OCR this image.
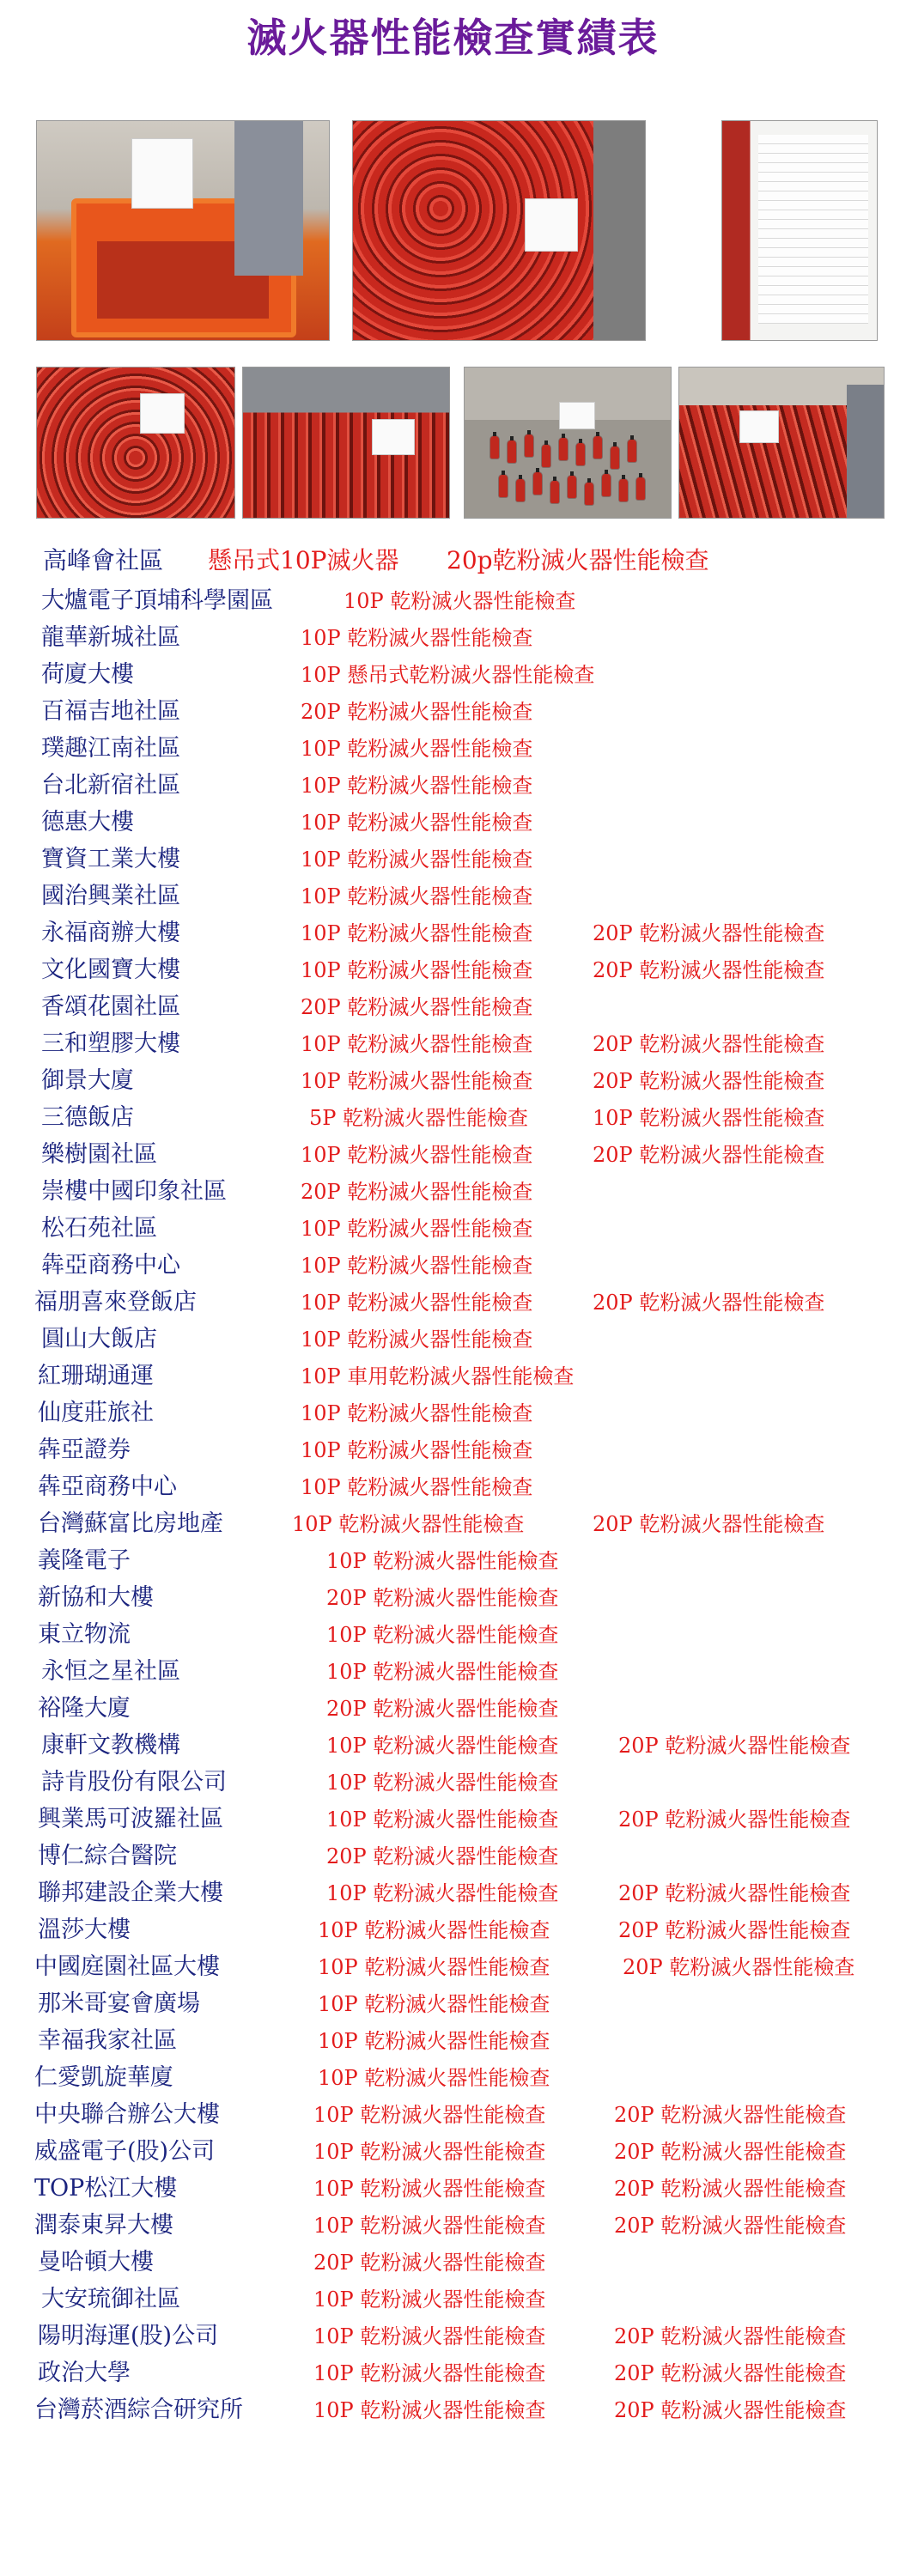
滅火器性能檢查實績表
高峰會社區 懸吊式10P滅火器 20p乾粉滅火器性能檢查
大爐電子頂埔科學園區	10P 乾粉滅火器性能檢查
龍華新城社區	10P 乾粉滅火器性能檢查
荷廈大樓	10P 懸吊式乾粉滅火器性能檢查
百福吉地社區	20P 乾粉滅火器性能檢查
璞趣江南社區	10P 乾粉滅火器性能檢查
台北新宿社區	10P 乾粉滅火器性能檢查
德惠大樓	10P 乾粉滅火器性能檢查
寶資工業大樓	10P 乾粉滅火器性能檢查
國治興業社區	10P 乾粉滅火器性能檢查
永福商辦大樓	10P 乾粉滅火器性能檢查	20P 乾粉滅火器性能檢查
文化國寶大樓	10P 乾粉滅火器性能檢查	20P 乾粉滅火器性能檢查
香頌花園社區	20P 乾粉滅火器性能檢查
三和塑膠大樓	10P 乾粉滅火器性能檢查	20P 乾粉滅火器性能檢查
御景大廈	10P 乾粉滅火器性能檢查	20P 乾粉滅火器性能檢查
三德飯店	5P 乾粉滅火器性能檢查	10P 乾粉滅火器性能檢查
樂樹園社區	10P 乾粉滅火器性能檢查	20P 乾粉滅火器性能檢查
崇樓中國印象社區	20P 乾粉滅火器性能檢查
松石苑社區	10P 乾粉滅火器性能檢查
犇亞商務中心	10P 乾粉滅火器性能檢查
福朋喜來登飯店	10P 乾粉滅火器性能檢查	20P 乾粉滅火器性能檢查
圓山大飯店	10P 乾粉滅火器性能檢查
紅珊瑚通運	10P 車用乾粉滅火器性能檢查
仙度莊旅社	10P 乾粉滅火器性能檢查
犇亞證券	10P 乾粉滅火器性能檢查
犇亞商務中心	10P 乾粉滅火器性能檢查
台灣蘇富比房地產	10P 乾粉滅火器性能檢查	20P 乾粉滅火器性能檢查
義隆電子	10P 乾粉滅火器性能檢查
新協和大樓	20P 乾粉滅火器性能檢查
東立物流	10P 乾粉滅火器性能檢查
永恒之星社區	10P 乾粉滅火器性能檢查
裕隆大廈	20P 乾粉滅火器性能檢查
康軒文教機構	10P 乾粉滅火器性能檢查	20P 乾粉滅火器性能檢查
詩肯股份有限公司	10P 乾粉滅火器性能檢查
興業馬可波羅社區	10P 乾粉滅火器性能檢查	20P 乾粉滅火器性能檢查
博仁綜合醫院	20P 乾粉滅火器性能檢查
聯邦建設企業大樓	10P 乾粉滅火器性能檢查	20P 乾粉滅火器性能檢查
溫莎大樓	10P 乾粉滅火器性能檢查	20P 乾粉滅火器性能檢查
中國庭園社區大樓	10P 乾粉滅火器性能檢查	20P 乾粉滅火器性能檢查
那米哥宴會廣場	10P 乾粉滅火器性能檢查
幸福我家社區	10P 乾粉滅火器性能檢查
仁愛凱旋華廈	10P 乾粉滅火器性能檢查
中央聯合辦公大樓	10P 乾粉滅火器性能檢查	20P 乾粉滅火器性能檢查
威盛電子(股)公司	10P 乾粉滅火器性能檢查	20P 乾粉滅火器性能檢查
TOP松江大樓	10P 乾粉滅火器性能檢查	20P 乾粉滅火器性能檢查
潤泰東昇大樓	10P 乾粉滅火器性能檢查	20P 乾粉滅火器性能檢查
曼哈頓大樓	20P 乾粉滅火器性能檢查
大安琉御社區	10P 乾粉滅火器性能檢查
陽明海運(股)公司	10P 乾粉滅火器性能檢查	20P 乾粉滅火器性能檢查
政治大學	10P 乾粉滅火器性能檢查	20P 乾粉滅火器性能檢查
台灣菸酒綜合研究所	10P 乾粉滅火器性能檢查	20P 乾粉滅火器性能檢查
